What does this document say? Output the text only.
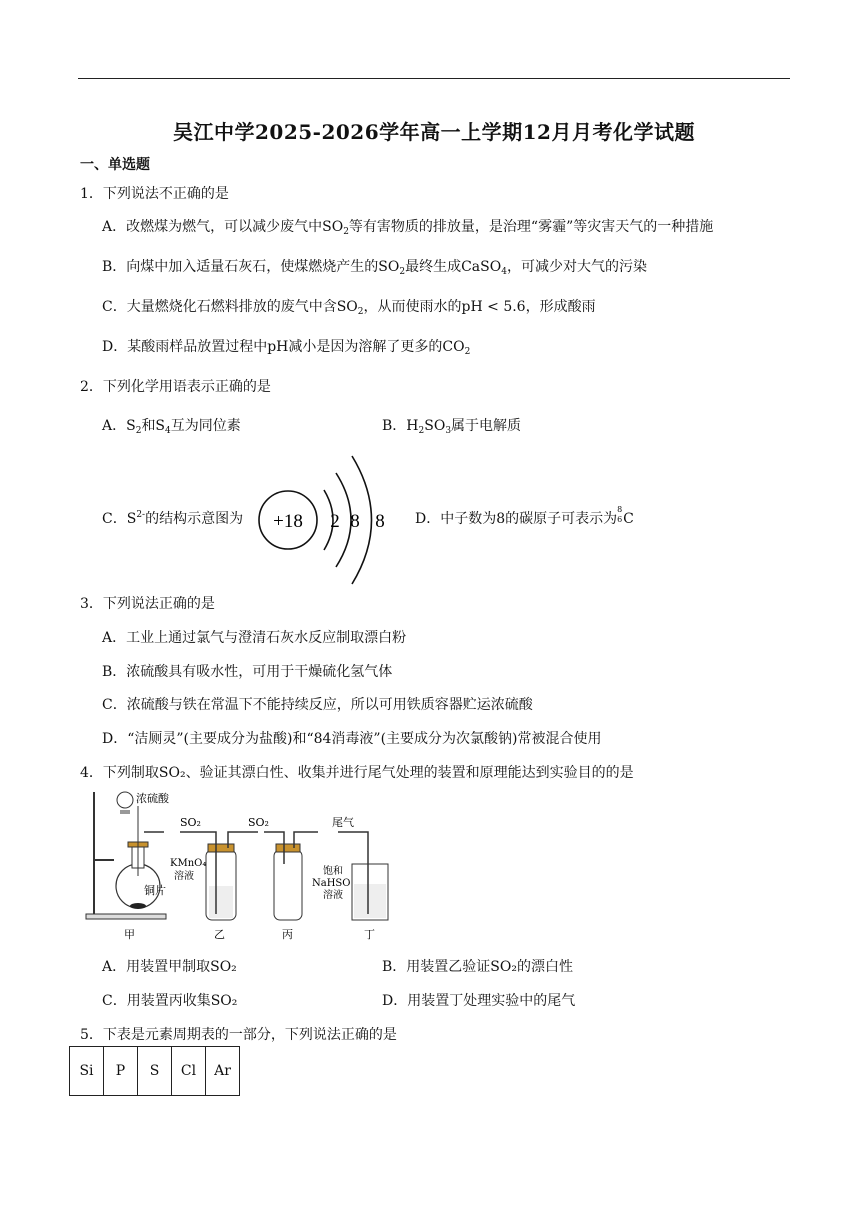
吴江中学2025-2026学年高一上学期12月月考化学试题
一、单选题
1．下列说法不正确的是
A．改燃煤为燃气，可以减少废气中$SO_2$等有害物质的排放量，是治理“雾霾”等灾害天气的一种措施
B．向煤中加入适量石灰石，使煤燃烧产生的$SO_2$最终生成CaSO$_4$，可减少对大气的污染
C．大量燃烧化石燃料排放的废气中含$SO_2$，从而使雨水的pH < 5.6，形成酸雨
D．某酸雨样品放置过程中pH减小是因为溶解了更多的$CO_2$
2．下列化学用语表示正确的是
A．$S_2$和$S_4$互为同位素	B．$H_2SO_3$属于电解质
C．$S^{2-}$的结构示意图为 +18 2 8 8 D．中子数为8的碳原子可表示为
8
6 C
3．下列说法正确的是
A．工业上通过氯气与澄清石灰水反应制取漂白粉
B．浓硫酸具有吸水性，可用于干燥硫化氢气体
C．浓硫酸与铁在常温下不能持续反应，所以可用铁质容器贮运浓硫酸
D．“洁厕灵”(主要成分为盐酸)和“84消毒液”(主要成分为次氯酸钠)常被混合使用
4．下列制取SO₂、验证其漂白性、收集并进行尾气处理的装置和原理能达到实验目的的是
浓硫酸
铜片
SO₂	SO₂	尾气
KMnO₄
溶液	饱和
NaHSO
溶液
甲	乙	丙	丁
A．用装置甲制取SO₂	B．用装置乙验证SO₂的漂白性
C．用装置丙收集SO₂	D．用装置丁处理实验中的尾气
5．下表是元素周期表的一部分，下列说法正确的是
Si	P	S	Cl	Ar
